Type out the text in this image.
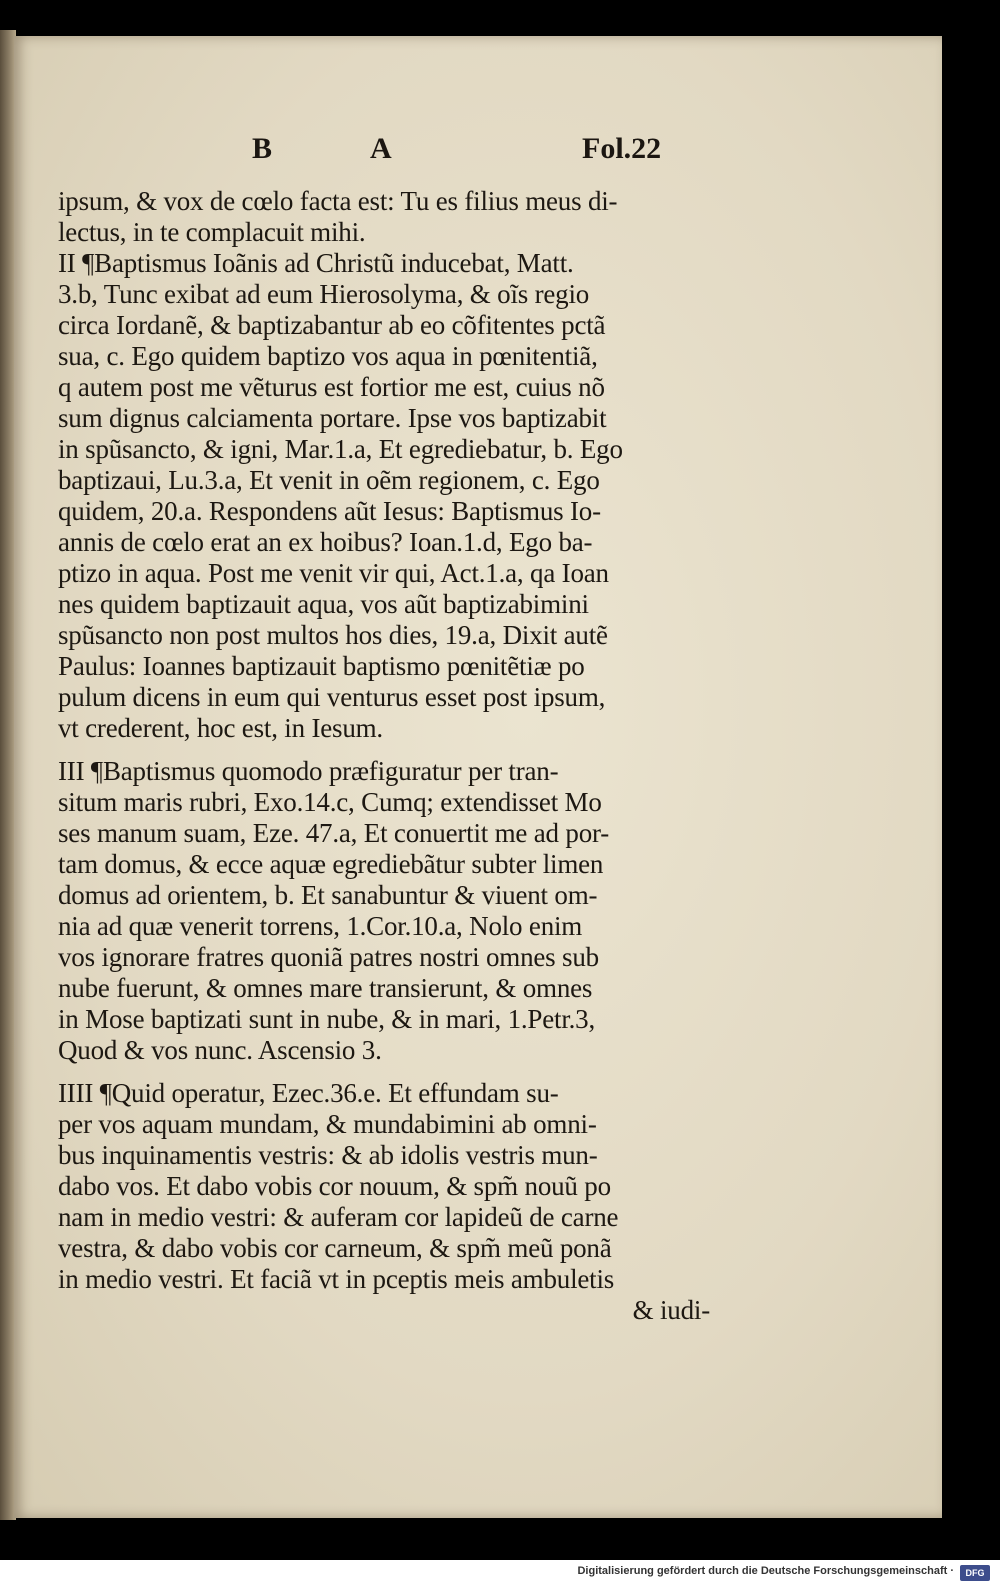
B	A	Fol.22
ipsum, & vox de cœlo facta est: Tu es filius meus di-
lectus, in te complacuit mihi.
II ¶Baptismus Ioãnis ad Christũ inducebat, Matt.
3.b, Tunc exibat ad eum Hierosolyma, & oĩs regio
circa Iordanẽ, & baptizabantur ab eo cõfitentes pctã
sua, c. Ego quidem baptizo vos aqua in pœnitentiã,
q autem post me vẽturus est fortior me est, cuius nõ
sum dignus calciamenta portare. Ipse vos baptizabit
in spũsancto, & igni, Mar.1.a, Et egrediebatur, b. Ego
baptizaui, Lu.3.a, Et venit in oẽm regionem, c. Ego
quidem, 20.a. Respondens aũt Iesus: Baptismus Io-
annis de cœlo erat an ex hoibus? Ioan.1.d, Ego ba-
ptizo in aqua. Post me venit vir qui, Act.1.a, qa Ioan
nes quidem baptizauit aqua, vos aũt baptizabimini
spũsancto non post multos hos dies, 19.a, Dixit autẽ
Paulus: Ioannes baptizauit baptismo pœnitẽtiæ po
pulum dicens in eum qui venturus esset post ipsum,
vt crederent, hoc est, in Iesum.
III ¶Baptismus quomodo præfiguratur per tran-
situm maris rubri, Exo.14.c, Cumq; extendisset Mo
ses manum suam, Eze. 47.a, Et conuertit me ad por-
tam domus, & ecce aquæ egrediebãtur subter limen
domus ad orientem, b. Et sanabuntur & viuent om-
nia ad quæ venerit torrens, 1.Cor.10.a, Nolo enim
vos ignorare fratres quoniã patres nostri omnes sub
nube fuerunt, & omnes mare transierunt, & omnes
in Mose baptizati sunt in nube, & in mari, 1.Petr.3,
Quod & vos nunc. Ascensio 3.
IIII ¶Quid operatur, Ezec.36.e. Et effundam su-
per vos aquam mundam, & mundabimini ab omni-
bus inquinamentis vestris: & ab idolis vestris mun-
dabo vos. Et dabo vobis cor nouum, & spm̃ nouũ po
nam in medio vestri: & auferam cor lapideũ de carne
vestra, & dabo vobis cor carneum, & spm̃ meũ ponã
in medio vestri. Et faciã vt in pceptis meis ambuletis
& iudi-
Digitalisierung gefördert durch die Deutsche Forschungsgemeinschaft ·	DFG
